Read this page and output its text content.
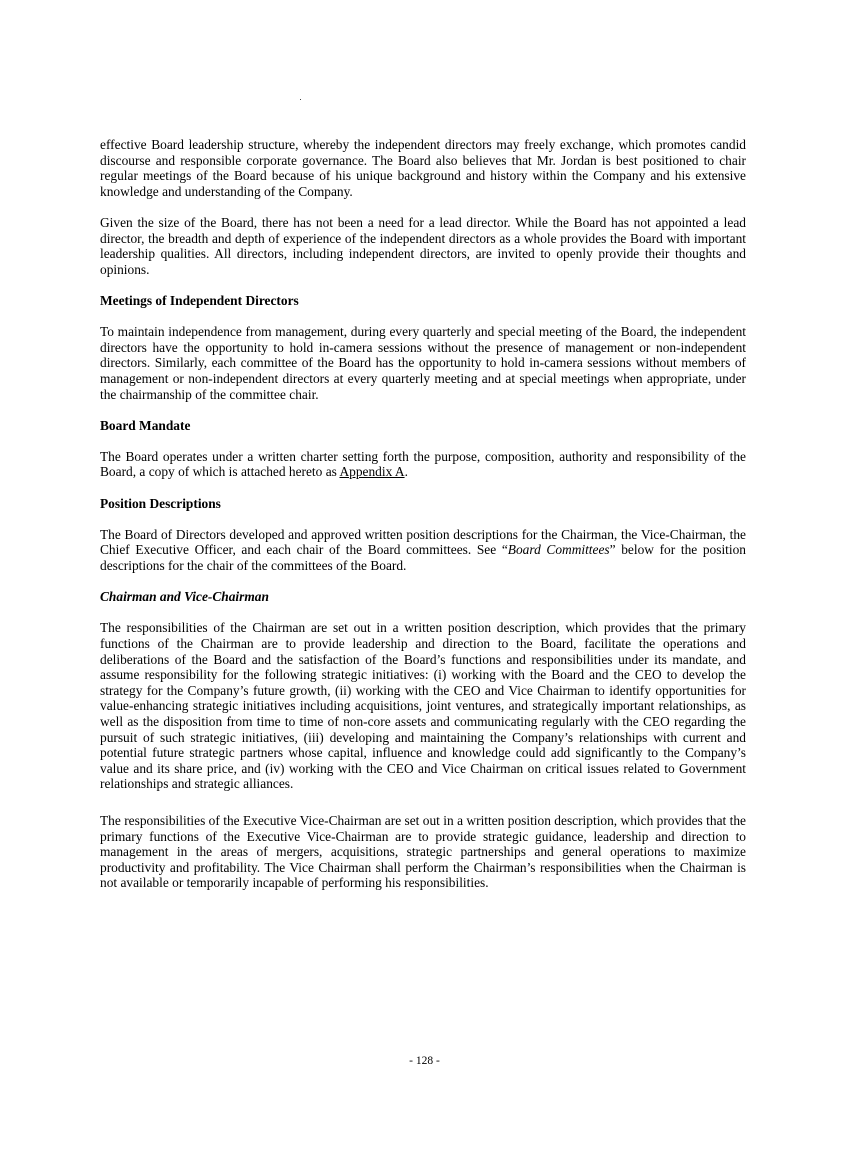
effective Board leadership structure, whereby the independent directors may freely exchange, which promotes candid discourse and responsible corporate governance. The Board also believes that Mr. Jordan is best positioned to chair regular meetings of the Board because of his unique background and history within the Company and his extensive knowledge and understanding of the Company.

Given the size of the Board, there has not been a need for a lead director. While the Board has not appointed a lead director, the breadth and depth of experience of the independent directors as a whole provides the Board with important leadership qualities. All directors, including independent directors, are invited to openly provide their thoughts and opinions.

Meetings of Independent Directors

To maintain independence from management, during every quarterly and special meeting of the Board, the independent directors have the opportunity to hold in-camera sessions without the presence of management or non-independent directors. Similarly, each committee of the Board has the opportunity to hold in-camera sessions without members of management or non-independent directors at every quarterly meeting and at special meetings when appropriate, under the chairmanship of the committee chair.

Board Mandate

The Board operates under a written charter setting forth the purpose, composition, authority and responsibility of the Board, a copy of which is attached hereto as Appendix A.

Position Descriptions

The Board of Directors developed and approved written position descriptions for the Chairman, the Vice-Chairman, the Chief Executive Officer, and each chair of the Board committees. See “Board Committees” below for the position descriptions for the chair of the committees of the Board.

Chairman and Vice-Chairman

The responsibilities of the Chairman are set out in a written position description, which provides that the primary functions of the Chairman are to provide leadership and direction to the Board, facilitate the operations and deliberations of the Board and the satisfaction of the Board’s functions and responsibilities under its mandate, and assume responsibility for the following strategic initiatives: (i) working with the Board and the CEO to develop the strategy for the Company’s future growth, (ii) working with the CEO and Vice Chairman to identify opportunities for value-enhancing strategic initiatives including acquisitions, joint ventures, and strategically important relationships, as well as the disposition from time to time of non-core assets and communicating regularly with the CEO regarding the pursuit of such strategic initiatives, (iii) developing and maintaining the Company’s relationships with current and potential future strategic partners whose capital, influence and knowledge could add significantly to the Company’s value and its share price, and (iv) working with the CEO and Vice Chairman on critical issues related to Government relationships and strategic alliances.

The responsibilities of the Executive Vice-Chairman are set out in a written position description, which provides that the primary functions of the Executive Vice-Chairman are to provide strategic guidance, leadership and direction to management in the areas of mergers, acquisitions, strategic partnerships and general operations to maximize productivity and profitability. The Vice Chairman shall perform the Chairman’s responsibilities when the Chairman is not available or temporarily incapable of performing his responsibilities.

- 128 -
